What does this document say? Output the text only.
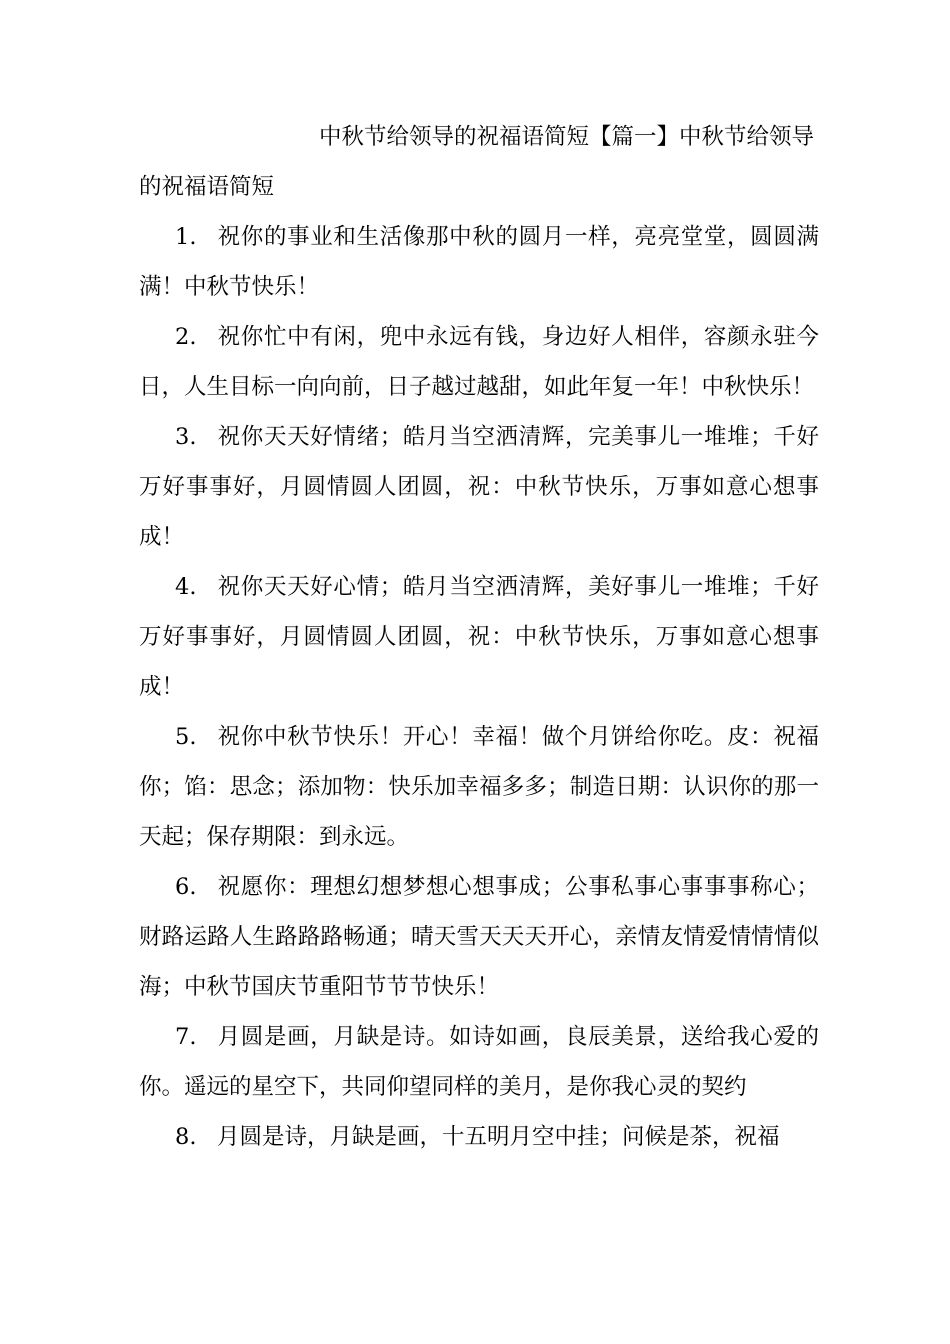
中秋节给领导的祝福语简短【篇一】中秋节给领导的祝福语简短

1. 祝你的事业和生活像那中秋的圆月一样，亮亮堂堂，圆圆满满！中秋节快乐！

2. 祝你忙中有闲，兜中永远有钱，身边好人相伴，容颜永驻今日，人生目标一向向前，日子越过越甜，如此年复一年！中秋快乐！

3. 祝你天天好情绪；皓月当空洒清辉，完美事儿一堆堆；千好万好事事好，月圆情圆人团圆，祝：中秋节快乐，万事如意心想事成！

4. 祝你天天好心情；皓月当空洒清辉，美好事儿一堆堆；千好万好事事好，月圆情圆人团圆，祝：中秋节快乐，万事如意心想事成！

5. 祝你中秋节快乐！开心！幸福！做个月饼给你吃。皮：祝福你；馅：思念；添加物：快乐加幸福多多；制造日期：认识你的那一天起；保存期限：到永远。

6. 祝愿你：理想幻想梦想心想事成；公事私事心事事事称心；财路运路人生路路路畅通；晴天雪天天天开心，亲情友情爱情情情似海；中秋节国庆节重阳节节节快乐！

7. 月圆是画，月缺是诗。如诗如画，良辰美景，送给我心爱的你。遥远的星空下，共同仰望同样的美月，是你我心灵的契约

8. 月圆是诗，月缺是画，十五明月空中挂；问候是茶，祝福
